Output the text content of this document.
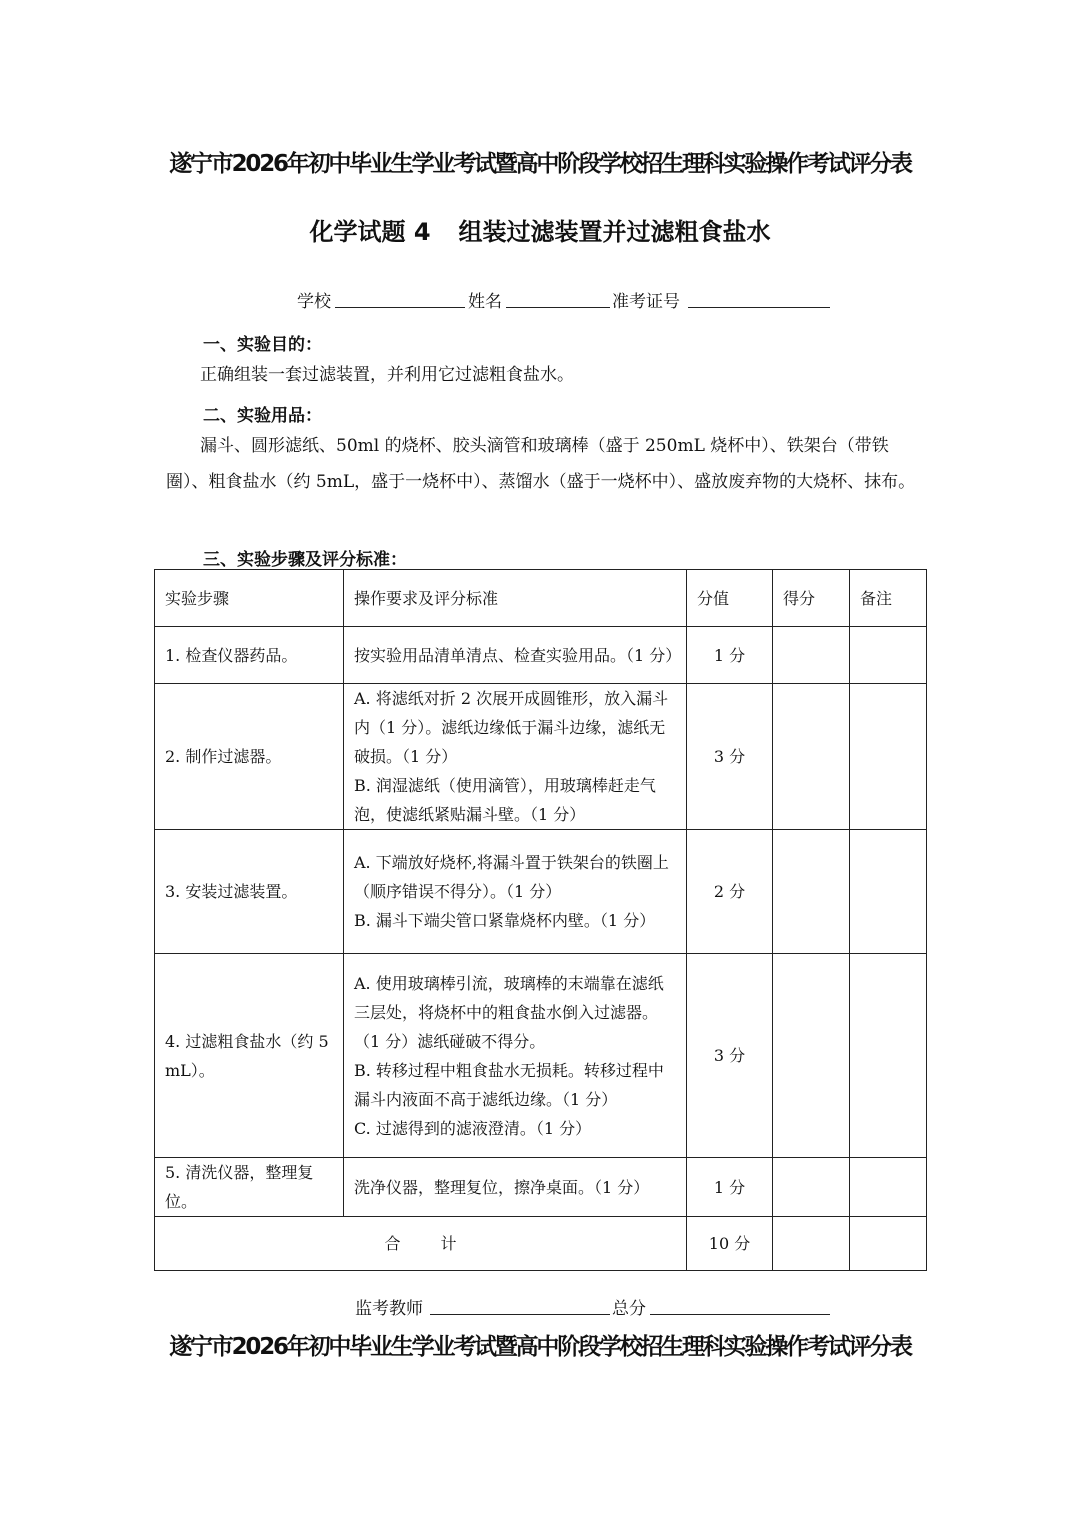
遂宁市2026年初中毕业生学业考试暨高中阶段学校招生理科实验操作考试评分表
化学试题 4 组装过滤装置并过滤粗食盐水
学校	姓名	准考证号
一、实验目的：
正确组装一套过滤装置，并利用它过滤粗食盐水。
二、实验用品：
漏斗、圆形滤纸、50ml 的烧杯、胶头滴管和玻璃棒（盛于 250mL 烧杯中）、铁架台（带铁圈）、粗食盐水（约 5mL，盛于一烧杯中）、蒸馏水（盛于一烧杯中）、盛放废弃物的大烧杯、抹布。
三、实验步骤及评分标准：
实验步骤	操作要求及评分标准	分值	得分	备注
1. 检查仪器药品。	按实验用品清单清点、检查实验用品。（1 分）	1 分		
2. 制作过滤器。	A. 将滤纸对折 2 次展开成圆锥形，放入漏斗内（1 分）。滤纸边缘低于漏斗边缘，滤纸无破损。（1 分）
B. 润湿滤纸（使用滴管），用玻璃棒赶走气泡，使滤纸紧贴漏斗壁。（1 分）	3 分		
3. 安装过滤装置。	A. 下端放好烧杯,将漏斗置于铁架台的铁圈上（顺序错误不得分）。（1 分）
B. 漏斗下端尖管口紧靠烧杯内壁。（1 分）	2 分		
4. 过滤粗食盐水（约 5 mL）。	A. 使用玻璃棒引流，玻璃棒的末端靠在滤纸三层处，将烧杯中的粗食盐水倒入过滤器。（1 分）滤纸碰破不得分。
B. 转移过程中粗食盐水无损耗。转移过程中漏斗内液面不高于滤纸边缘。（1 分）
C. 过滤得到的滤液澄清。（1 分）	3 分		
5. 清洗仪器，整理复位。	洗净仪器，整理复位，擦净桌面。（1 分）	1 分		
合 计		10 分		
监考教师	总分
遂宁市2026年初中毕业生学业考试暨高中阶段学校招生理科实验操作考试评分表
